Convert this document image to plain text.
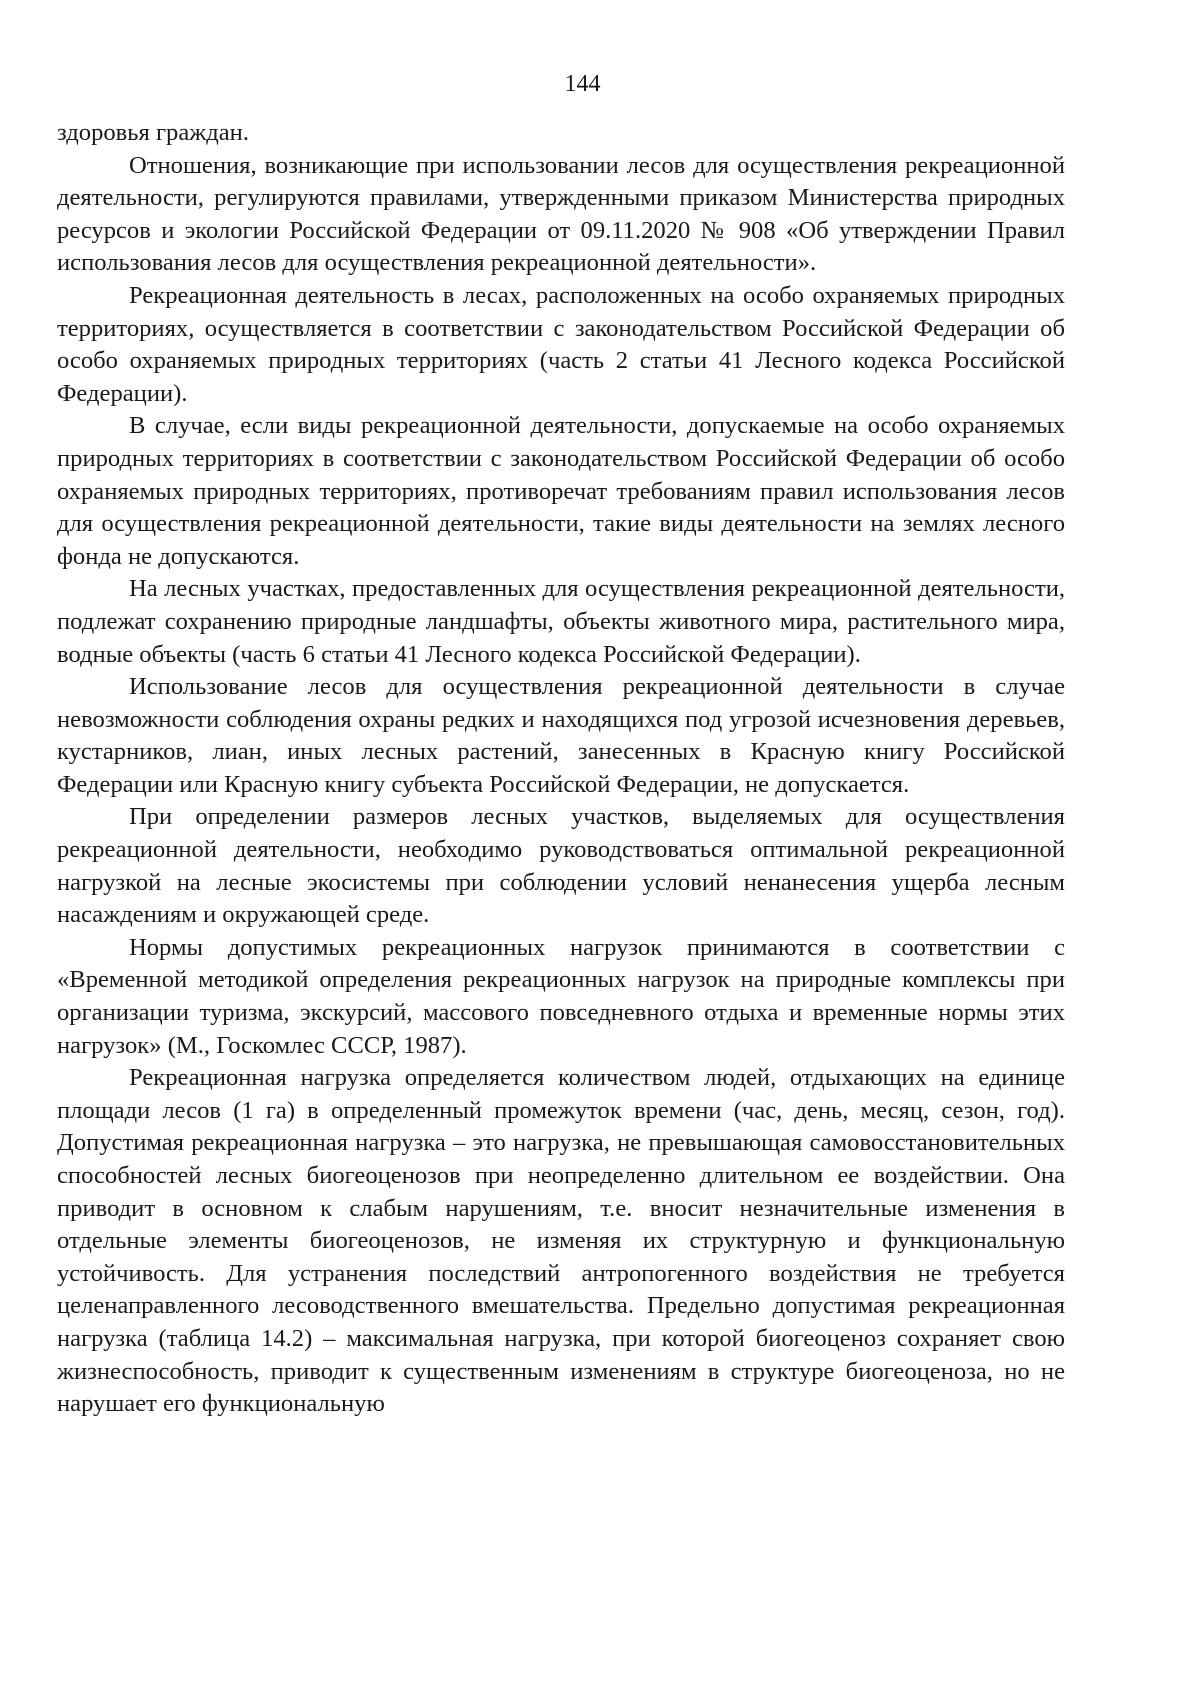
144

здоровья граждан.

Отношения, возникающие при использовании лесов для осуществления рекреационной деятельности, регулируются правилами, утвержденными приказом Министерства природных ресурсов и экологии Российской Федерации от 09.11.2020 № 908 «Об утверждении Правил использования лесов для осуществления рекреационной деятельности».

Рекреационная деятельность в лесах, расположенных на особо охраняемых природных территориях, осуществляется в соответствии с законодательством Российской Федерации об особо охраняемых природных территориях (часть 2 статьи 41 Лесного кодекса Российской Федерации).

В случае, если виды рекреационной деятельности, допускаемые на особо охраняемых природных территориях в соответствии с законодательством Российской Федерации об особо охраняемых природных территориях, противоречат требованиям правил использования лесов для осуществления рекреационной деятельности, такие виды деятельности на землях лесного фонда не допускаются.

На лесных участках, предоставленных для осуществления рекреационной деятельности, подлежат сохранению природные ландшафты, объекты животного мира, растительного мира, водные объекты (часть 6 статьи 41 Лесного кодекса Российской Федерации).

Использование лесов для осуществления рекреационной деятельности в случае невозможности соблюдения охраны редких и находящихся под угрозой исчезновения деревьев, кустарников, лиан, иных лесных растений, занесенных в Красную книгу Российской Федерации или Красную книгу субъекта Российской Федерации, не допускается.

При определении размеров лесных участков, выделяемых для осуществления рекреационной деятельности, необходимо руководствоваться оптимальной рекреационной нагрузкой на лесные экосистемы при соблюдении условий ненанесения ущерба лесным насаждениям и окружающей среде.

Нормы допустимых рекреационных нагрузок принимаются в соответствии с «Временной методикой определения рекреационных нагрузок на природные комплексы при организации туризма, экскурсий, массового повседневного отдыха и временные нормы этих нагрузок» (М., Госкомлес СССР, 1987).

Рекреационная нагрузка определяется количеством людей, отдыхающих на единице площади лесов (1 га) в определенный промежуток времени (час, день, месяц, сезон, год). Допустимая рекреационная нагрузка – это нагрузка, не превышающая самовосстановительных способностей лесных биогеоценозов при неопределенно длительном ее воздействии. Она приводит в основном к слабым нарушениям, т.е. вносит незначительные изменения в отдельные элементы биогеоценозов, не изменяя их структурную и функциональную устойчивость. Для устранения последствий антропогенного воздействия не требуется целенаправленного лесоводственного вмешательства. Предельно допустимая рекреационная нагрузка (таблица 14.2) – максимальная нагрузка, при которой биогеоценоз сохраняет свою жизнеспособность, приводит к существенным изменениям в структуре биогеоценоза, но не нарушает его функциональную
